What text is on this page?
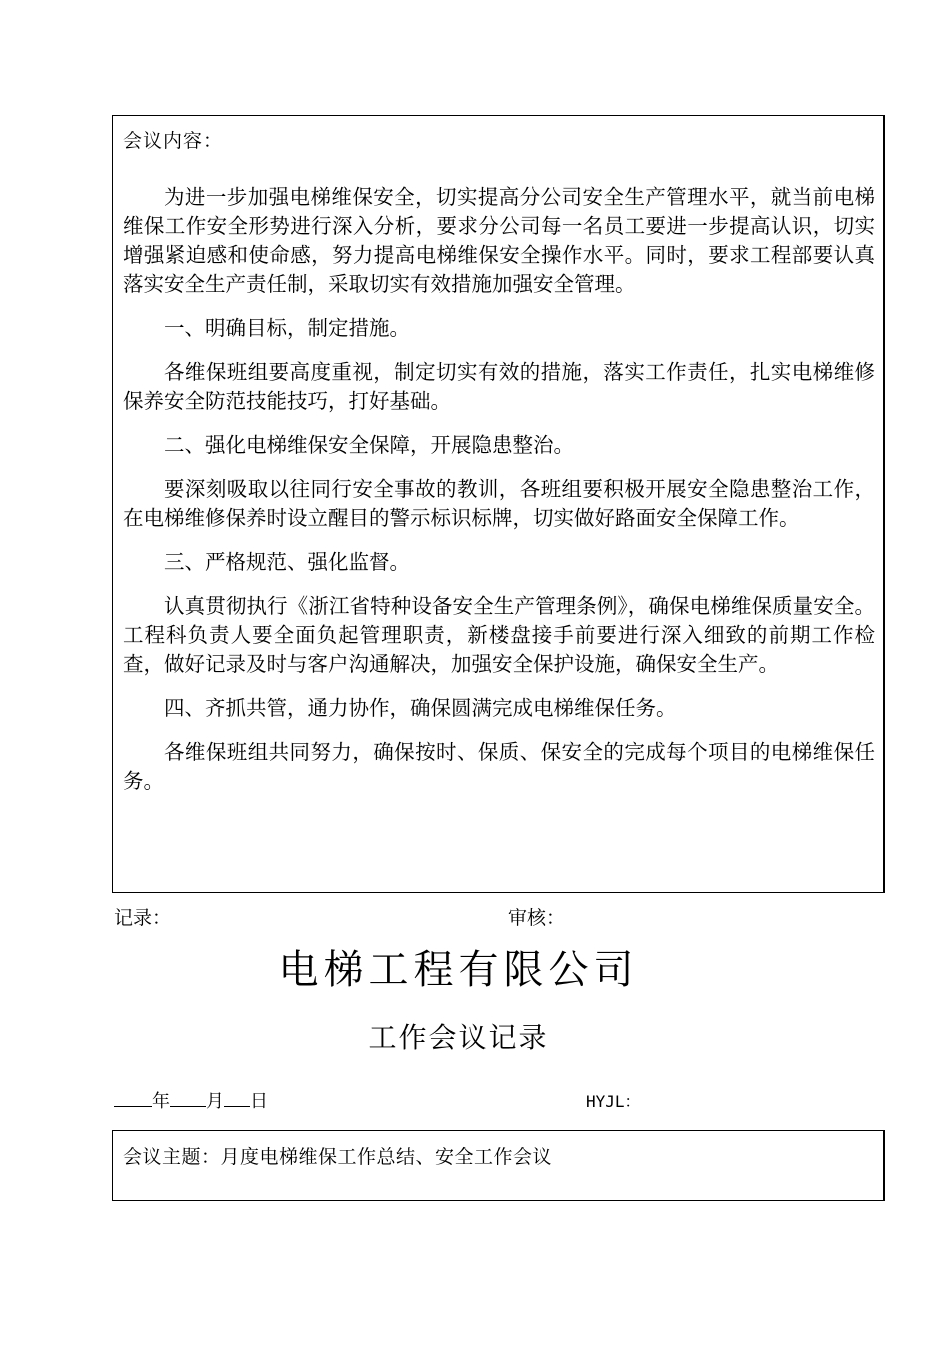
会议内容：

为进一步加强电梯维保安全，切实提高分公司安全生产管理水平，就当前电梯维保工作安全形势进行深入分析，要求分公司每一名员工要进一步提高认识，切实增强紧迫感和使命感，努力提高电梯维保安全操作水平。同时，要求工程部要认真落实安全生产责任制，采取切实有效措施加强安全管理。

一、明确目标，制定措施。

各维保班组要高度重视，制定切实有效的措施，落实工作责任，扎实电梯维修保养安全防范技能技巧，打好基础。

二、强化电梯维保安全保障，开展隐患整治。

要深刻吸取以往同行安全事故的教训，各班组要积极开展安全隐患整治工作，在电梯维修保养时设立醒目的警示标识标牌，切实做好路面安全保障工作。

三、严格规范、强化监督。

认真贯彻执行《浙江省特种设备安全生产管理条例》，确保电梯维保质量安全。工程科负责人要全面负起管理职责，新楼盘接手前要进行深入细致的前期工作检查，做好记录及时与客户沟通解决，加强安全保护设施，确保安全生产。

四、齐抓共管，通力协作，确保圆满完成电梯维保任务。

各维保班组共同努力，确保按时、保质、保安全的完成每个项目的电梯维保任务。

记录：	审核：
电梯工程有限公司
工作会议记录
年 月 日	HYJL：
会议主题：月度电梯维保工作总结、安全工作会议
